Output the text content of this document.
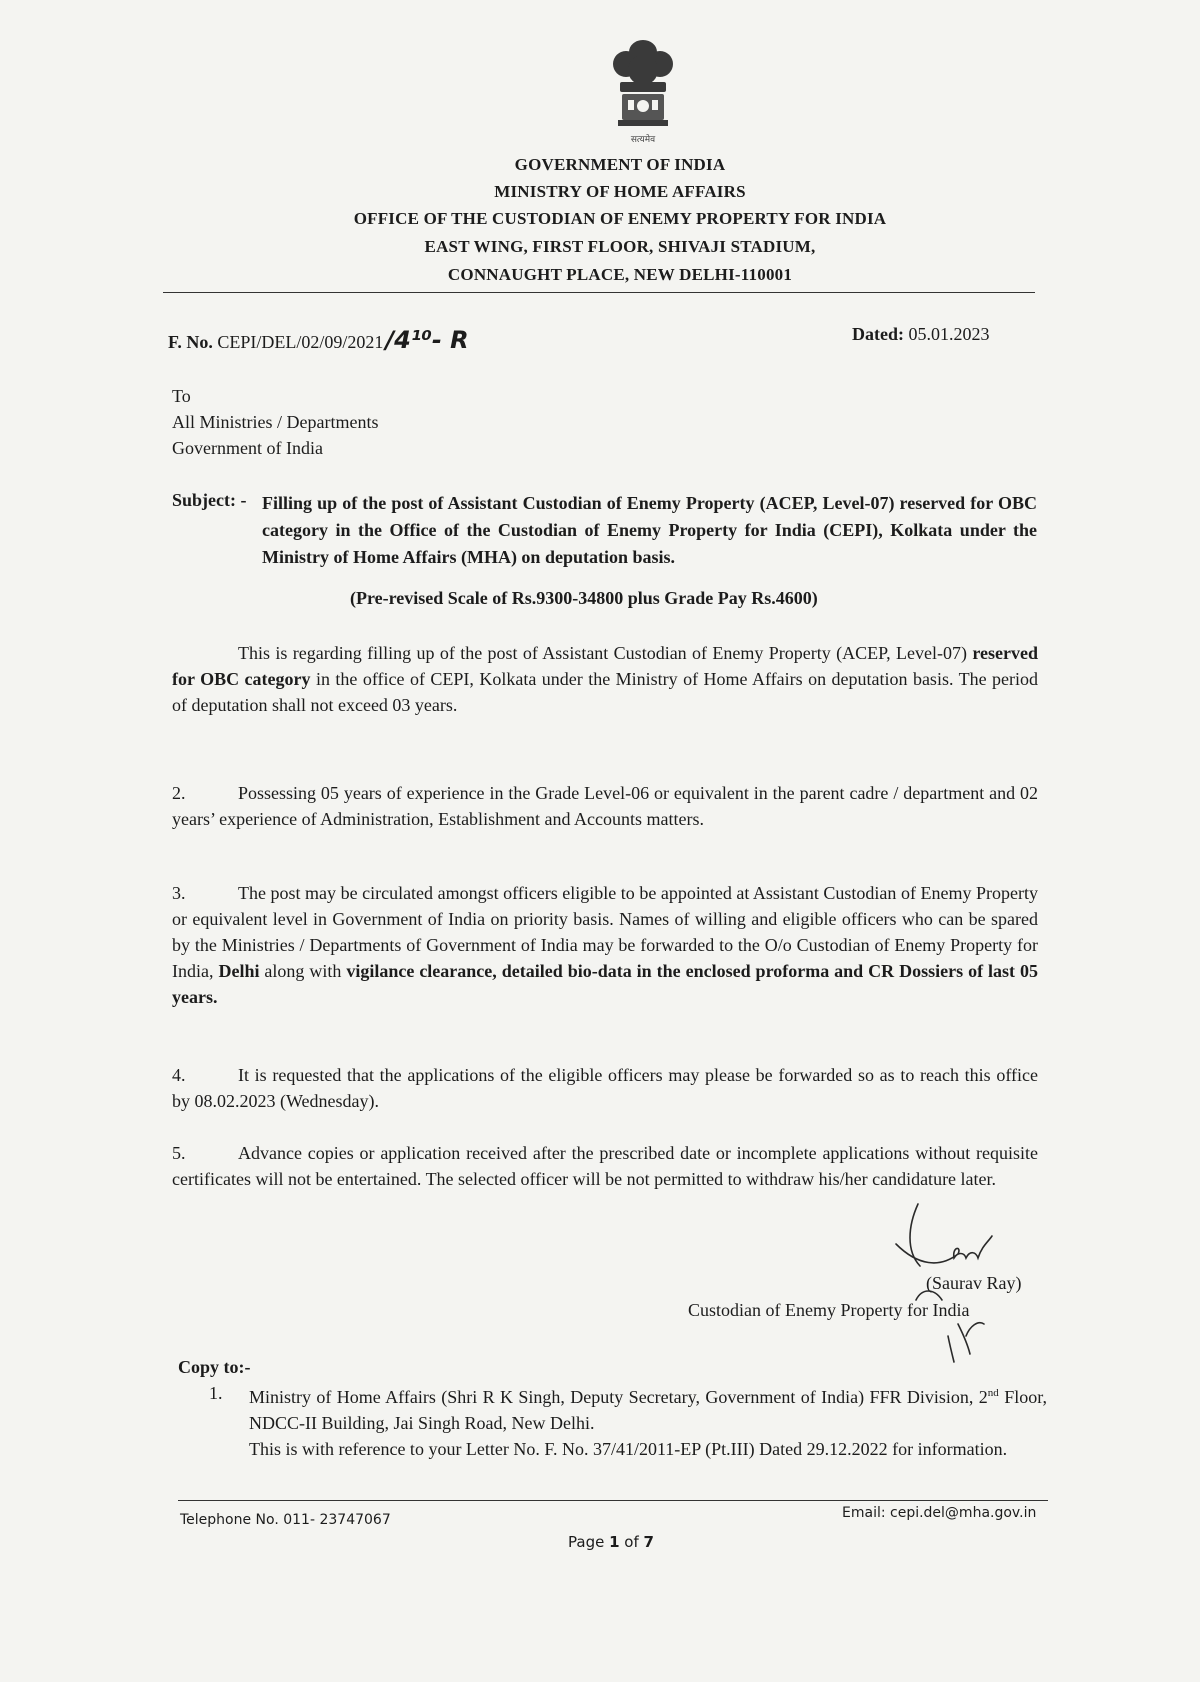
सत्यमेव
GOVERNMENT OF INDIA
MINISTRY OF HOME AFFAIRS
OFFICE OF THE CUSTODIAN OF ENEMY PROPERTY FOR INDIA
EAST WING, FIRST FLOOR, SHIVAJI STADIUM,
CONNAUGHT PLACE, NEW DELHI-110001
F. No. CEPI/DEL/02/09/2021/4¹⁰- R	Dated: 05.01.2023
To
All Ministries / Departments
Government of India
Subject: - Filling up of the post of Assistant Custodian of Enemy Property (ACEP, Level-07) reserved for OBC category in the Office of the Custodian of Enemy Property for India (CEPI), Kolkata under the Ministry of Home Affairs (MHA) on deputation basis.
(Pre-revised Scale of Rs.9300-34800 plus Grade Pay Rs.4600)
This is regarding filling up of the post of Assistant Custodian of Enemy Property (ACEP, Level-07) reserved for OBC category in the office of CEPI, Kolkata under the Ministry of Home Affairs on deputation basis. The period of deputation shall not exceed 03 years.
2.	Possessing 05 years of experience in the Grade Level-06 or equivalent in the parent cadre / department and 02 years’ experience of Administration, Establishment and Accounts matters.
3.	The post may be circulated amongst officers eligible to be appointed at Assistant Custodian of Enemy Property or equivalent level in Government of India on priority basis. Names of willing and eligible officers who can be spared by the Ministries / Departments of Government of India may be forwarded to the O/o Custodian of Enemy Property for India, Delhi along with vigilance clearance, detailed bio-data in the enclosed proforma and CR Dossiers of last 05 years.
4.	It is requested that the applications of the eligible officers may please be forwarded so as to reach this office by 08.02.2023 (Wednesday).
5.	Advance copies or application received after the prescribed date or incomplete applications without requisite certificates will not be entertained. The selected officer will be not permitted to withdraw his/her candidature later.
(Saurav Ray)
Custodian of Enemy Property for India
Copy to:-
1. Ministry of Home Affairs (Shri R K Singh, Deputy Secretary, Government of India) FFR Division, 2nd Floor, NDCC-II Building, Jai Singh Road, New Delhi.
This is with reference to your Letter No. F. No. 37/41/2011-EP (Pt.III) Dated 29.12.2022 for information.
Telephone No. 011- 23747067	Email: cepi.del@mha.gov.in
Page 1 of 7
